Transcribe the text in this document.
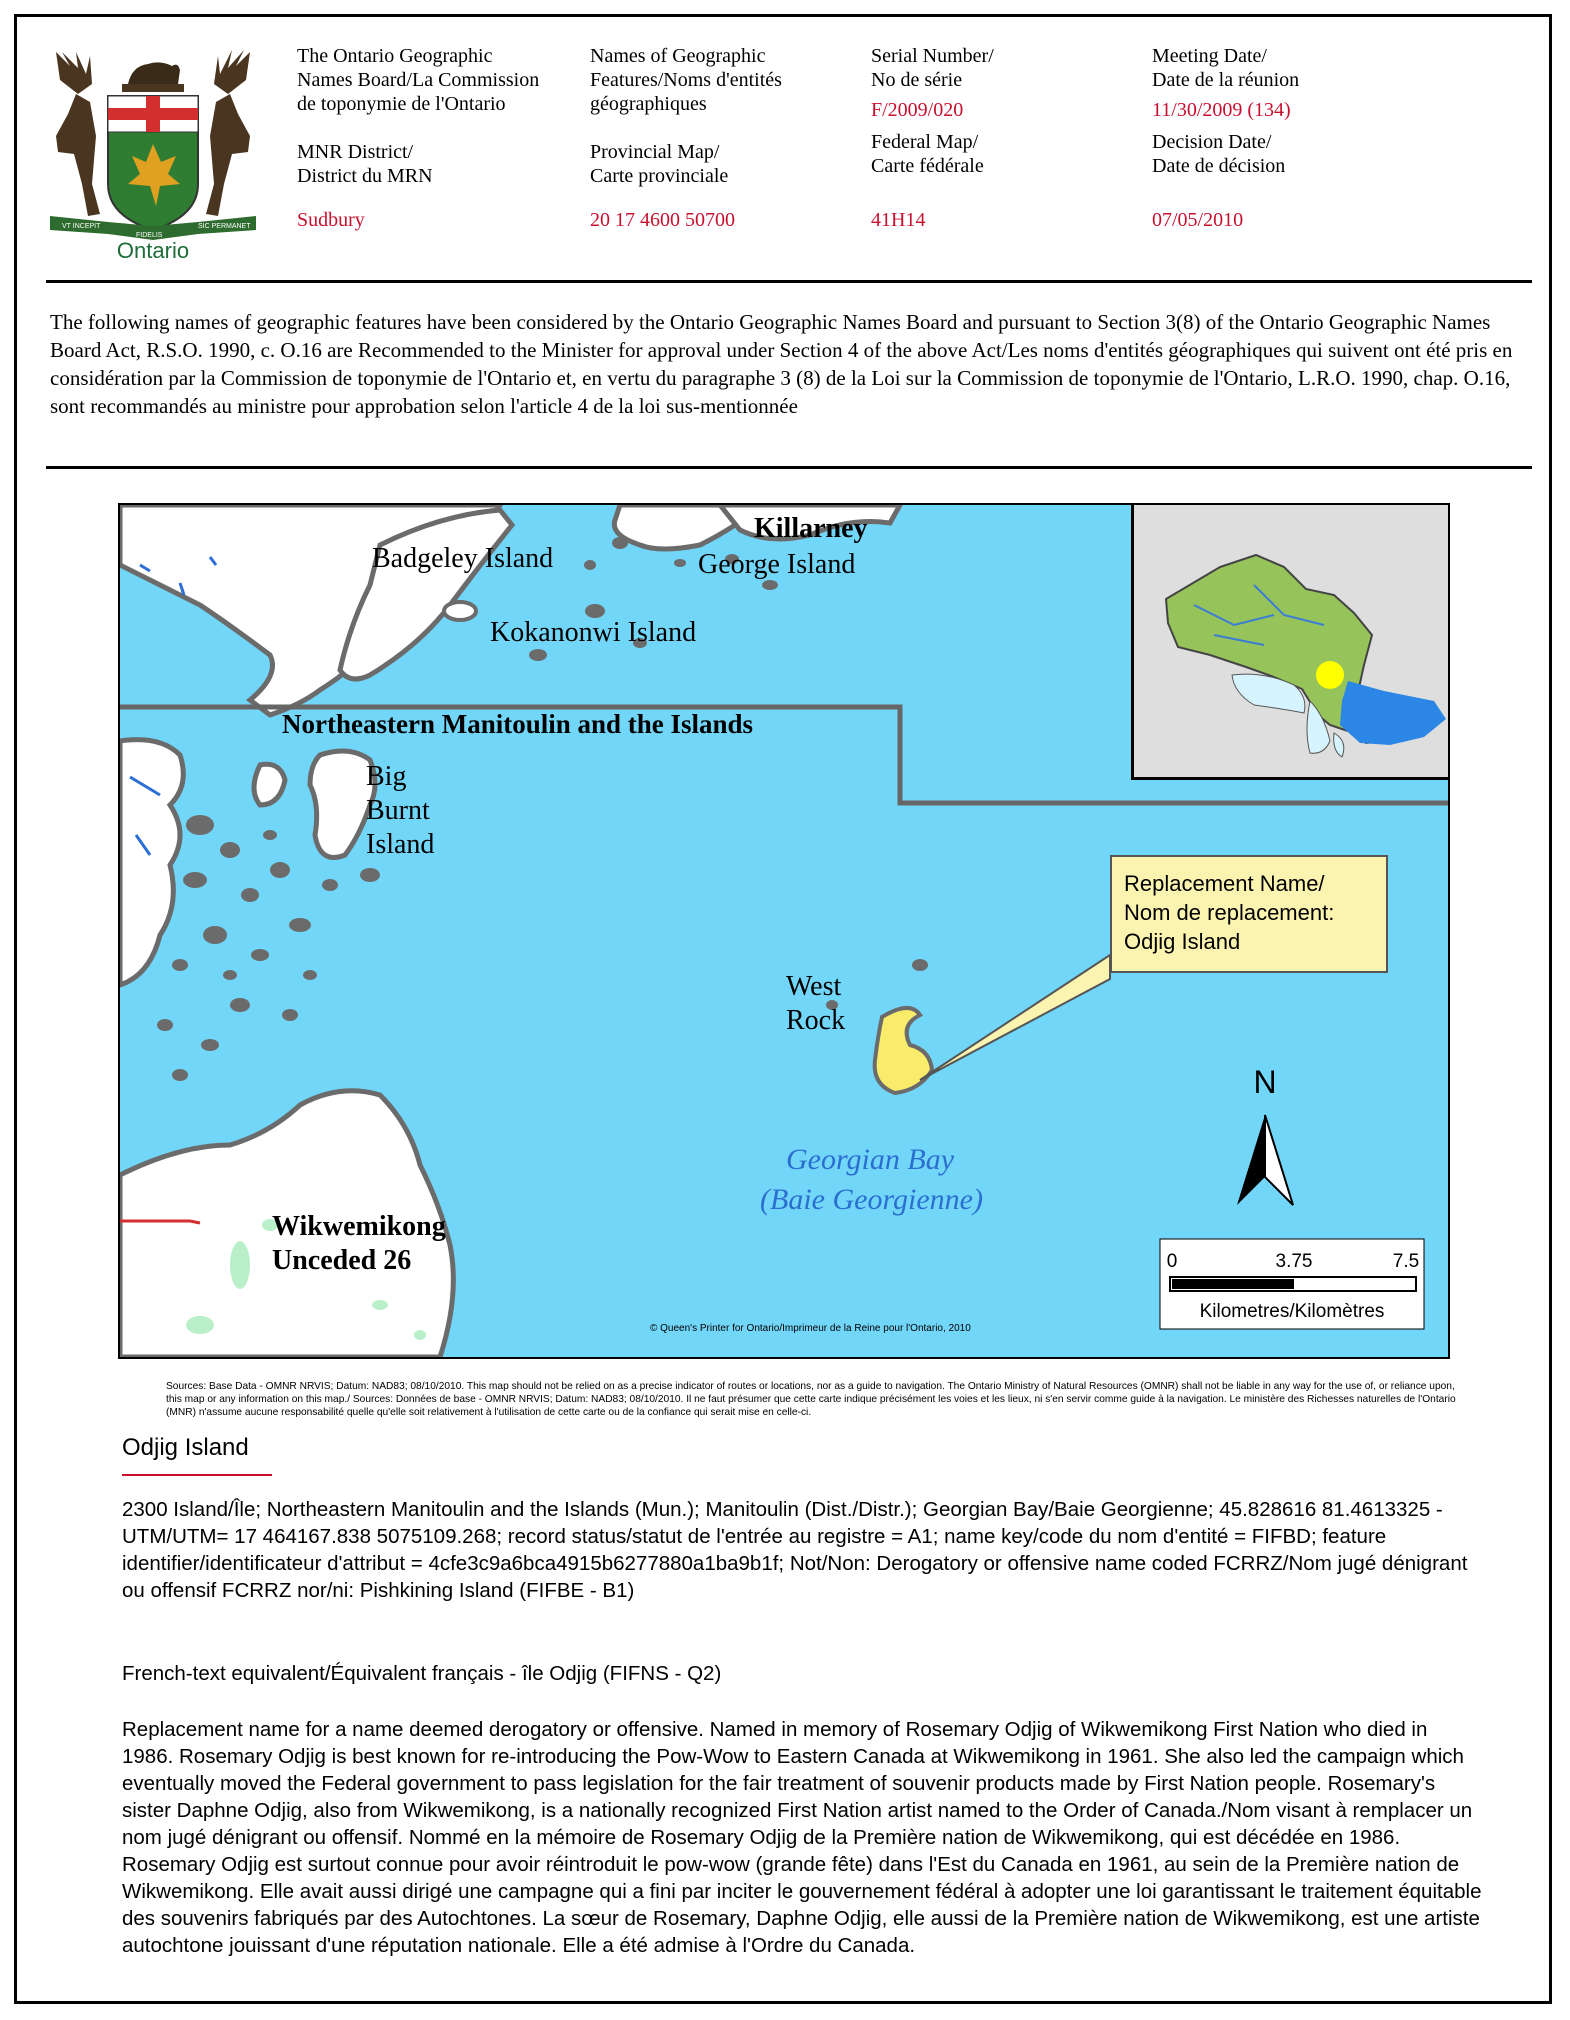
VT INCEPIT
FIDELIS
SIC PERMANET
Ontario
The Ontario Geographic
Names Board/La Commission
de toponymie de l'Ontario
MNR District/
District du MRN
Sudbury
Names of Geographic
Features/Noms d'entités
géographiques
Provincial Map/
Carte provinciale
20 17 4600 50700
Serial Number/
No de série
F/2009/020
Federal Map/
Carte fédérale
41H14
Meeting Date/
Date de la réunion
11/30/2009 (134)
Decision Date/
Date de décision
07/05/2010
The following names of geographic features have been considered by the Ontario Geographic Names Board and pursuant to Section 3(8) of the Ontario Geographic Names Board Act, R.S.O. 1990, c. O.16 are Recommended to the Minister for approval under Section 4 of the above Act/Les noms d'entités géographiques qui suivent ont été pris en considération par la Commission de toponymie de l'Ontario et, en vertu du paragraphe 3 (8) de la Loi sur la Commission de toponymie de l'Ontario, L.R.O. 1990, chap. O.16, sont recommandés au ministre pour approbation selon l'article 4 de la loi sus-mentionnée
Killarney
Badgeley Island	George Island
Kokanonwi Island
Northeastern Manitoulin and the Islands
Big
Burnt
Island
West
Rock
Georgian Bay
(Baie Georgienne)
Wikwemikong
Unceded 26
N
0	3.75	7.5
Kilometres/Kilomètres
© Queen's Printer for Ontario/Imprimeur de la Reine pour l'Ontario, 2010
Replacement Name/
Nom de replacement:
Odjig Island
Sources: Base Data - OMNR NRVIS; Datum: NAD83; 08/10/2010. This map should not be relied on as a precise indicator of routes or locations, nor as a guide to navigation. The Ontario Ministry of Natural Resources (OMNR) shall not be liable in any way for the use of, or reliance upon, this map or any information on this map./ Sources: Données de base - OMNR NRVIS; Datum: NAD83; 08/10/2010. Il ne faut présumer que cette carte indique précisément les voies et les lieux, ni s'en servir comme guide à la navigation. Le ministère des Richesses naturelles de l'Ontario (MNR) n'assume aucune responsabilité quelle qu'elle soit relativement à l'utilisation de cette carte ou de la confiance qui serait mise en celle-ci.
Odjig Island
2300 Island/Île; Northeastern Manitoulin and the Islands (Mun.); Manitoulin (Dist./Distr.); Georgian Bay/Baie Georgienne; 45.828616 81.4613325 - UTM/UTM= 17 464167.838 5075109.268; record status/statut de l'entrée au registre = A1; name key/code du nom d'entité = FIFBD; feature identifier/identificateur d'attribut = 4cfe3c9a6bca4915b6277880a1ba9b1f; Not/Non: Derogatory or offensive name coded FCRRZ/Nom jugé dénigrant ou offensif FCRRZ nor/ni: Pishkining Island (FIFBE - B1)
French-text equivalent/Équivalent français - île Odjig (FIFNS - Q2)
Replacement name for a name deemed derogatory or offensive. Named in memory of Rosemary Odjig of Wikwemikong First Nation who died in 1986. Rosemary Odjig is best known for re-introducing the Pow-Wow to Eastern Canada at Wikwemikong in 1961. She also led the campaign which eventually moved the Federal government to pass legislation for the fair treatment of souvenir products made by First Nation people. Rosemary's sister Daphne Odjig, also from Wikwemikong, is a nationally recognized First Nation artist named to the Order of Canada./Nom visant à remplacer un nom jugé dénigrant ou offensif. Nommé en la mémoire de Rosemary Odjig de la Première nation de Wikwemikong, qui est décédée en 1986. Rosemary Odjig est surtout connue pour avoir réintroduit le pow-wow (grande fête) dans l'Est du Canada en 1961, au sein de la Première nation de Wikwemikong. Elle avait aussi dirigé une campagne qui a fini par inciter le gouvernement fédéral à adopter une loi garantissant le traitement équitable des souvenirs fabriqués par des Autochtones. La sœur de Rosemary, Daphne Odjig, elle aussi de la Première nation de Wikwemikong, est une artiste autochtone jouissant d'une réputation nationale. Elle a été admise à l'Ordre du Canada.
